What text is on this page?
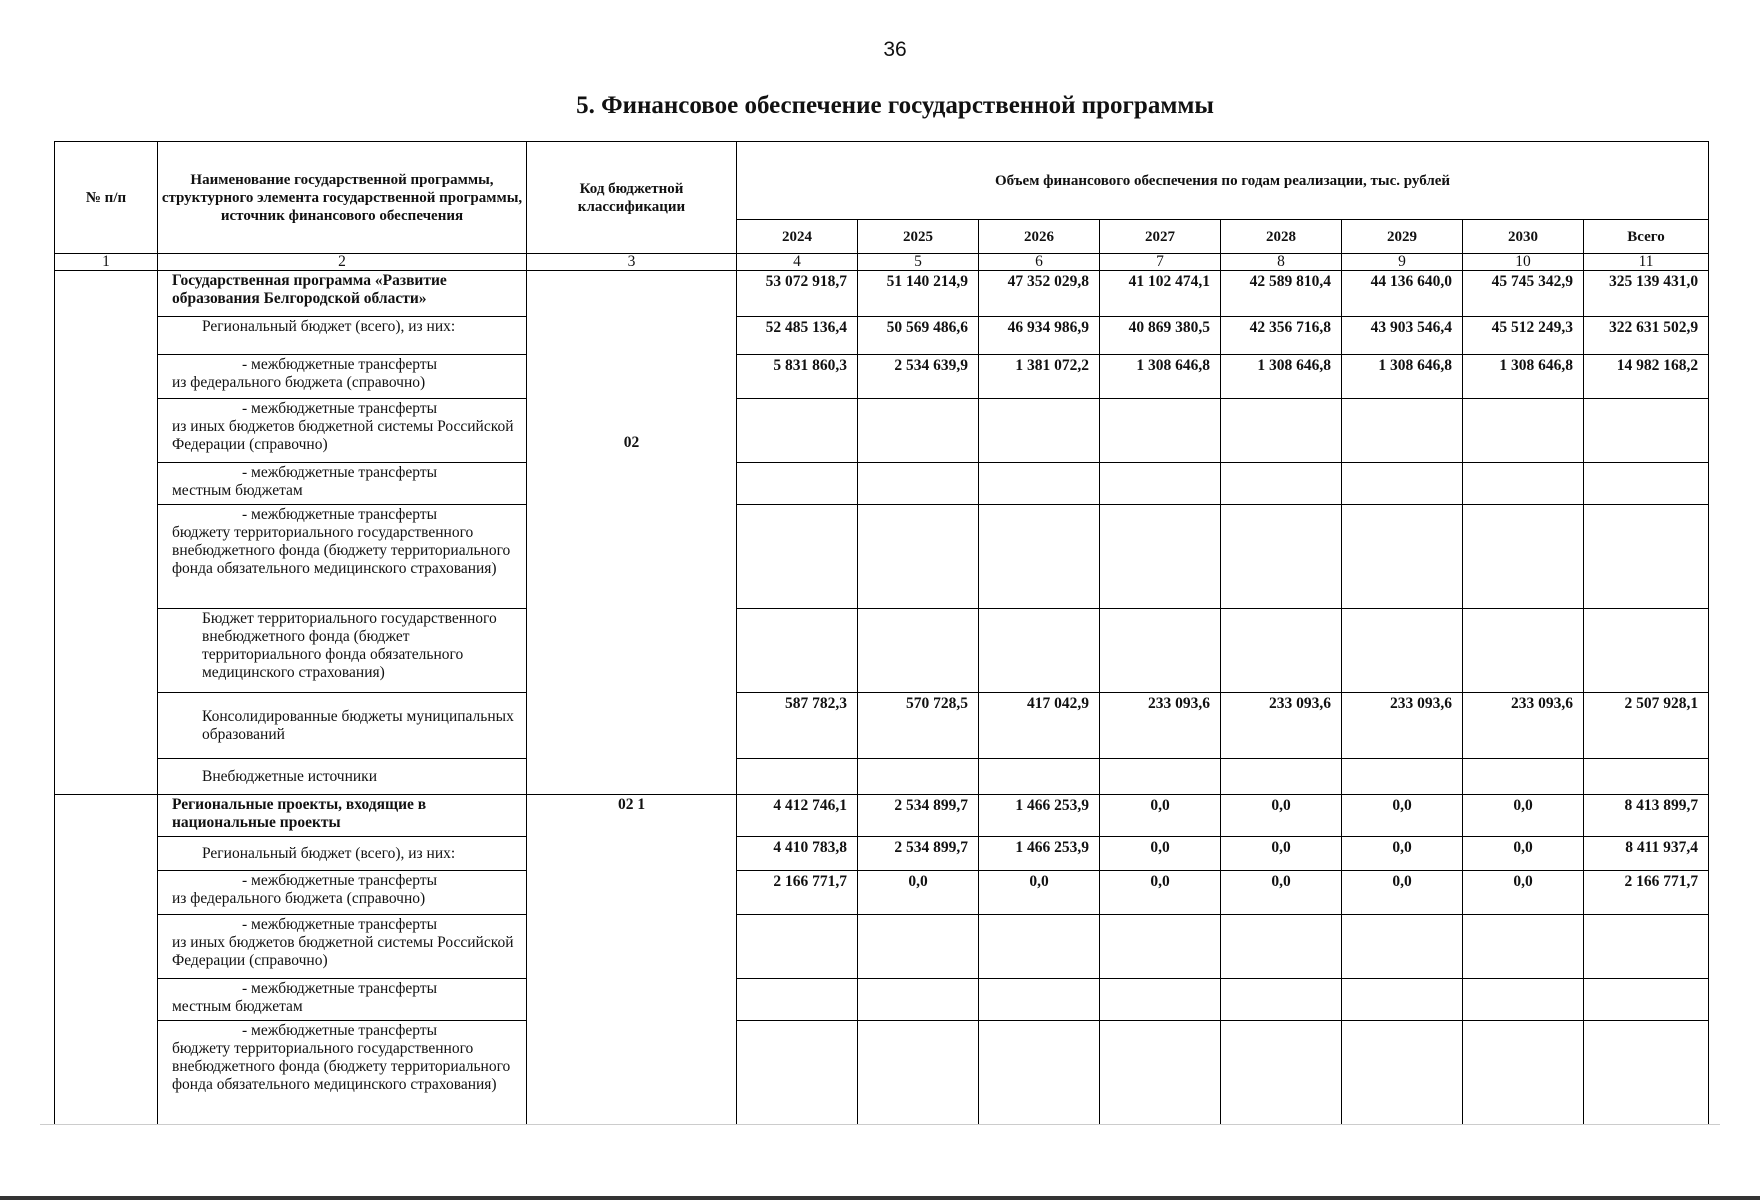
36
5. Финансовое обеспечение государственной программы
№ п/п	Наименование государственной программы, структурного элемента государственной программы, источник финансового обеспечения	Код бюджетной классификации	Объем финансового обеспечения по годам реализации, тыс. рублей							
			2024	2025	2026	2027	2028	2029	2030	Всего
1	2	3	4	5	6	7	8	9	10	11
	Государственная программа «Развитие образования Белгородской области»	02	53 072 918,7	51 140 214,9	47 352 029,8	41 102 474,1	42 589 810,4	44 136 640,0	45 745 342,9	325 139 431,0
	Региональный бюджет (всего), из них:		52 485 136,4	50 569 486,6	46 934 986,9	40 869 380,5	42 356 716,8	43 903 546,4	45 512 249,3	322 631 502,9

	- межбюджетные трансферты
из федерального бюджета (справочно)		5 831 860,3	2 534 639,9	1 381 072,2	1 308 646,8	1 308 646,8	1 308 646,8	1 308 646,8	14 982 168,2

	- межбюджетные трансферты
из иных бюджетов бюджетной системы Российской Федерации (справочно)									

	- межбюджетные трансферты
местным бюджетам									

	- межбюджетные трансферты
бюджету территориального государственного внебюджетного фонда (бюджету территориального фонда обязательного медицинского страхования)									

	Бюджет территориального государственного внебюджетного фонда (бюджет территориального фонда обязательного медицинского страхования)									
	Консолидированные бюджеты муниципальных образований		587 782,3	570 728,5	417 042,9	233 093,6	233 093,6	233 093,6	233 093,6	2 507 928,1
	Внебюджетные источники									
	Региональные проекты, входящие в национальные проекты	02 1	4 412 746,1	2 534 899,7	1 466 253,9	0,0	0,0	0,0	0,0	8 413 899,7
	Региональный бюджет (всего), из них:		4 410 783,8	2 534 899,7	1 466 253,9	0,0	0,0	0,0	0,0	8 411 937,4

	- межбюджетные трансферты
из федерального бюджета (справочно)		2 166 771,7	0,0	0,0	0,0	0,0	0,0	0,0	2 166 771,7

	- межбюджетные трансферты
из иных бюджетов бюджетной системы Российской Федерации (справочно)									

	- межбюджетные трансферты
местным бюджетам									

	- межбюджетные трансферты
бюджету территориального государственного внебюджетного фонда (бюджету территориального фонда обязательного медицинского страхования)									
